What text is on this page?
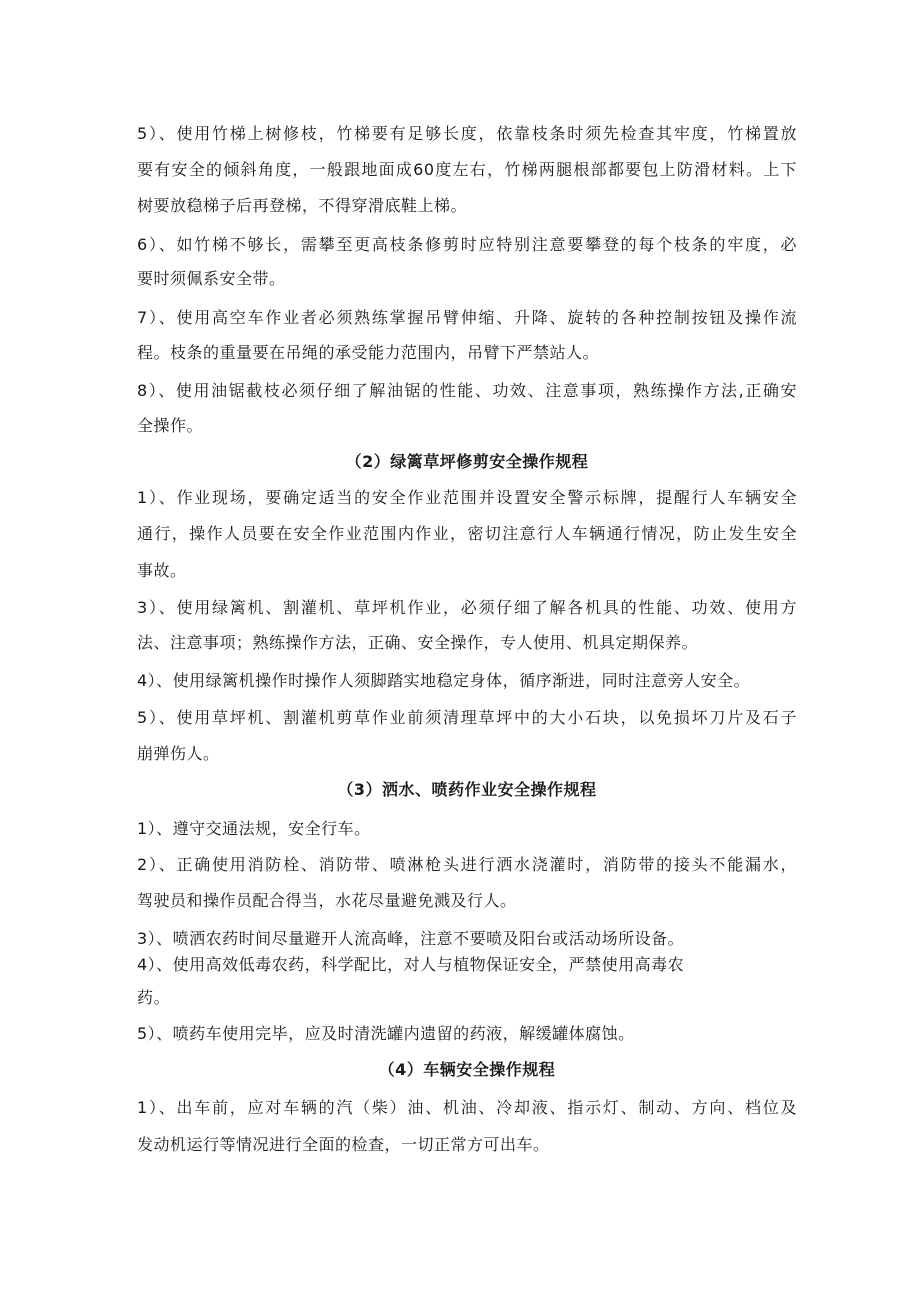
5）、使用竹梯上树修枝，竹梯要有足够长度，依靠枝条时须先检查其牢度，竹梯置放
要有安全的倾斜角度，一般跟地面成60度左右，竹梯两腿根部都要包上防滑材料。上下
树要放稳梯子后再登梯，不得穿滑底鞋上梯。
6）、如竹梯不够长，需攀至更高枝条修剪时应特别注意要攀登的每个枝条的牢度，必
要时须佩系安全带。
7）、使用高空车作业者必须熟练掌握吊臂伸缩、升降、旋转的各种控制按钮及操作流
程。枝条的重量要在吊绳的承受能力范围内，吊臂下严禁站人。
8）、使用油锯截枝必须仔细了解油锯的性能、功效、注意事项，熟练操作方法,正确安
全操作。
（2）绿篱草坪修剪安全操作规程
1）、作业现场，要确定适当的安全作业范围并设置安全警示标牌，提醒行人车辆安全
通行，操作人员要在安全作业范围内作业，密切注意行人车辆通行情况，防止发生安全
事故。
3）、使用绿篱机、割灌机、草坪机作业，必须仔细了解各机具的性能、功效、使用方
法、注意事项；熟练操作方法，正确、安全操作，专人使用、机具定期保养。
4）、使用绿篱机操作时操作人须脚踏实地稳定身体，循序渐进，同时注意旁人安全。
5）、使用草坪机、割灌机剪草作业前须清理草坪中的大小石块，以免损坏刀片及石子
崩弹伤人。
（3）洒水、喷药作业安全操作规程
1）、遵守交通法规，安全行车。
2）、正确使用消防栓、消防带、喷淋枪头进行洒水浇灌时，消防带的接头不能漏水，
驾驶员和操作员配合得当，水花尽量避免溅及行人。
3）、喷洒农药时间尽量避开人流高峰，注意不要喷及阳台或活动场所设备。
4）、使用高效低毒农药，科学配比，对人与植物保证安全，严禁使用高毒农
药。
5）、喷药车使用完毕，应及时清洗罐内遗留的药液，解缓罐体腐蚀。
（4）车辆安全操作规程
1）、出车前，应对车辆的汽（柴）油、机油、冷却液、指示灯、制动、方向、档位及
发动机运行等情况进行全面的检查，一切正常方可出车。
